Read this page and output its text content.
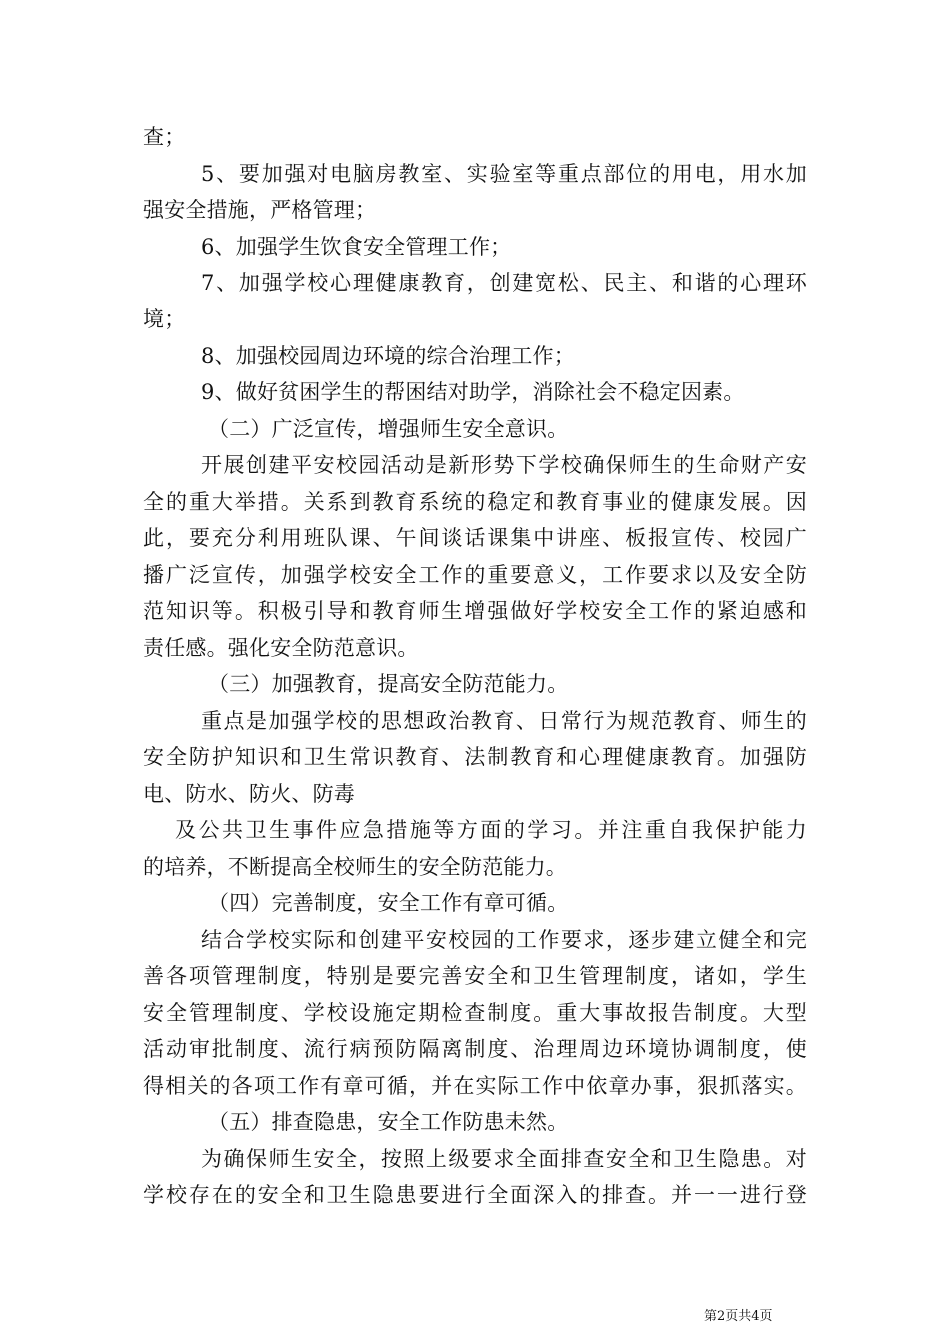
查；
5、要加强对电脑房教室、实验室等重点部位的用电，用水加
强安全措施，严格管理；
6、加强学生饮食安全管理工作；
7、加强学校心理健康教育，创建宽松、民主、和谐的心理环
境；
8、加强校园周边环境的综合治理工作；
9、做好贫困学生的帮困结对助学，消除社会不稳定因素。
（二）广泛宣传，增强师生安全意识。
开展创建平安校园活动是新形势下学校确保师生的生命财产安
全的重大举措。关系到教育系统的稳定和教育事业的健康发展。因
此，要充分利用班队课、午间谈话课集中讲座、板报宣传、校园广
播广泛宣传，加强学校安全工作的重要意义，工作要求以及安全防
范知识等。积极引导和教育师生增强做好学校安全工作的紧迫感和
责任感。强化安全防范意识。
（三）加强教育，提高安全防范能力。
重点是加强学校的思想政治教育、日常行为规范教育、师生的
安全防护知识和卫生常识教育、法制教育和心理健康教育。加强防
电、防水、防火、防毒
及公共卫生事件应急措施等方面的学习。并注重自我保护能力
的培养，不断提高全校师生的安全防范能力。
（四）完善制度，安全工作有章可循。
结合学校实际和创建平安校园的工作要求，逐步建立健全和完
善各项管理制度，特别是要完善安全和卫生管理制度，诸如，学生
安全管理制度、学校设施定期检查制度。重大事故报告制度。大型
活动审批制度、流行病预防隔离制度、治理周边环境协调制度，使
得相关的各项工作有章可循，并在实际工作中依章办事，狠抓落实。
（五）排查隐患，安全工作防患未然。
为确保师生安全，按照上级要求全面排查安全和卫生隐患。对
学校存在的安全和卫生隐患要进行全面深入的排查。并一一进行登
第2页共4页
